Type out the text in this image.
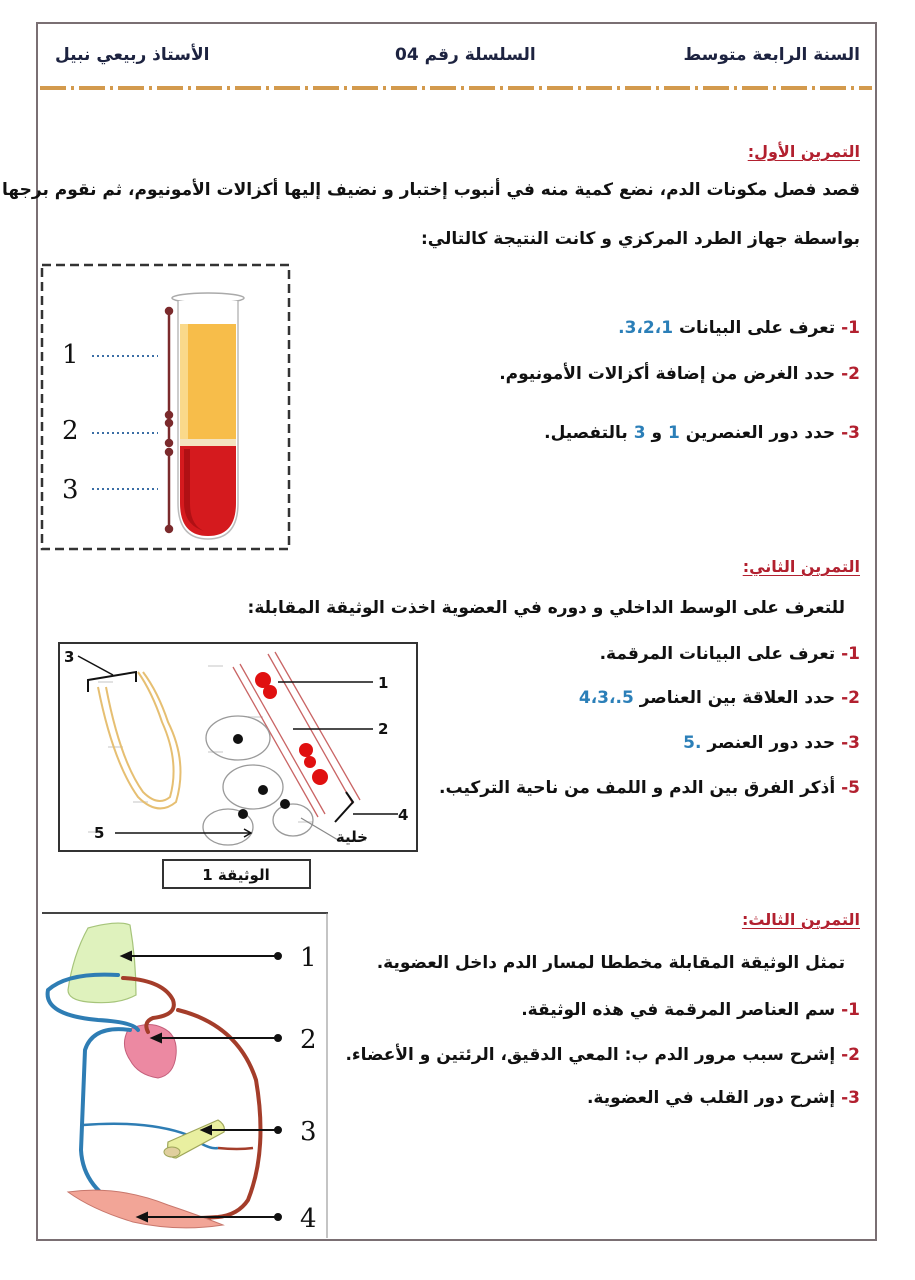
السنة الرابعة متوسط
السلسلة رقم 04
الأستاذ ربيعي نبيل
التمرين الأول:
قصد فصل مكونات الدم، نضع كمية منه في أنبوب إختبار و نضيف إليها أكزالات الأمونيوم، ثم نقوم برجها
بواسطة جهاز الطرد المركزي و كانت النتيجة كالتالي:
1- تعرف على البيانات 3،2،1.
2- حدد الغرض من إضافة أكزالات الأمونيوم.
3- حدد دور العنصرين 1 و 3 بالتفصيل.
1
2
3
التمرين الثاني:
للتعرف على الوسط الداخلي و دوره في العضوية اخذت الوثيقة المقابلة:
1- تعرف على البيانات المرقمة.
2- حدد العلاقة بين العناصر 5.،4،3
3- حدد دور العنصر .5
5- أذكر الفرق بين الدم و اللمف من ناحية التركيب.
3
1
2
4
خلية
5
الوثيقة 1
التمرين الثالث:
تمثل الوثيقة المقابلة مخططا لمسار الدم داخل العضوية.
1- سم العناصر المرقمة في هذه الوثيقة.
2- إشرح سبب مرور الدم ب: المعي الدقيق، الرئتين و الأعضاء.
3- إشرح دور القلب في العضوية.
1
2
3
4
